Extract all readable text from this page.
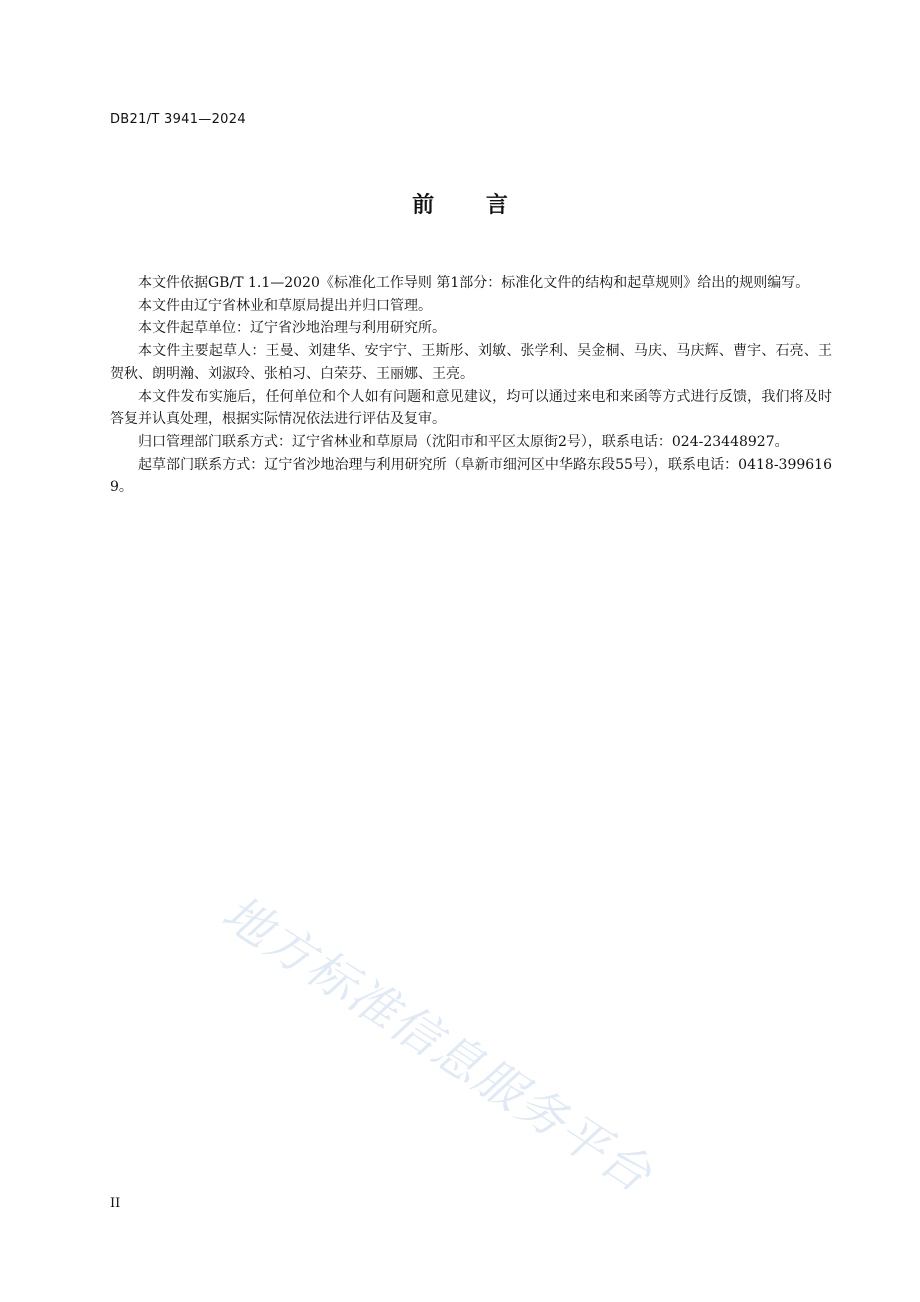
DB21/T 3941—2024

前 言

本文件依据GB/T 1.1—2020《标准化工作导则 第1部分：标准化文件的结构和起草规则》给出的规则编写。

本文件由辽宁省林业和草原局提出并归口管理。

本文件起草单位：辽宁省沙地治理与利用研究所。

本文件主要起草人：王曼、刘建华、安宇宁、王斯彤、刘敏、张学利、吴金桐、马庆、马庆辉、曹宇、石亮、王贺秋、朗明瀚、刘淑玲、张柏习、白荣芬、王丽娜、王亮。

本文件发布实施后，任何单位和个人如有问题和意见建议，均可以通过来电和来函等方式进行反馈，我们将及时答复并认真处理，根据实际情况依法进行评估及复审。

归口管理部门联系方式：辽宁省林业和草原局（沈阳市和平区太原街2号），联系电话：024-23448927。

起草部门联系方式：辽宁省沙地治理与利用研究所（阜新市细河区中华路东段55号），联系电话：0418-3996169。

地方标准信息服务平台

II
